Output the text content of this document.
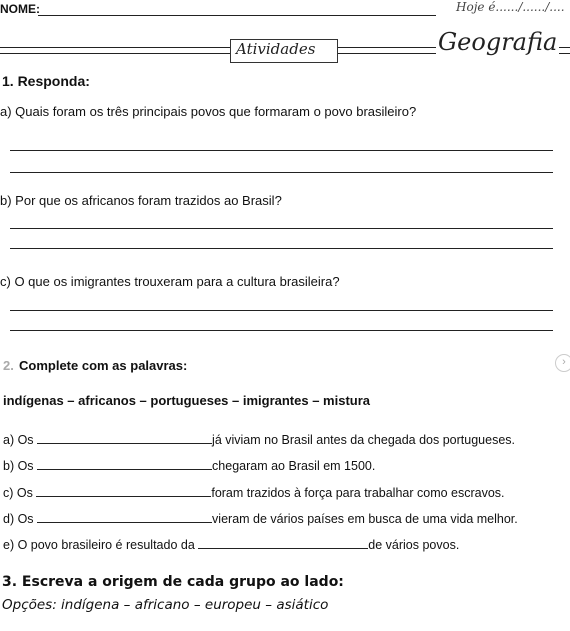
NOME:	Hoje é....../....../....
Atividades	Geografia
1. Responda:
a) Quais foram os três principais povos que formaram o povo brasileiro?
b) Por que os africanos foram trazidos ao Brasil?
c) O que os imigrantes trouxeram para a cultura brasileira?
2. Complete com as palavras:	›
indígenas – africanos – portugueses – imigrantes – mistura
a) Os	já viviam no Brasil antes da chegada dos portugueses.
b) Os	chegaram ao Brasil em 1500.
c) Os	foram trazidos à força para trabalhar como escravos.
d) Os	vieram de vários países em busca de uma vida melhor.
e) O povo brasileiro é resultado da	de vários povos.
3. Escreva a origem de cada grupo ao lado:
Opções: indígena – africano – europeu – asiático
